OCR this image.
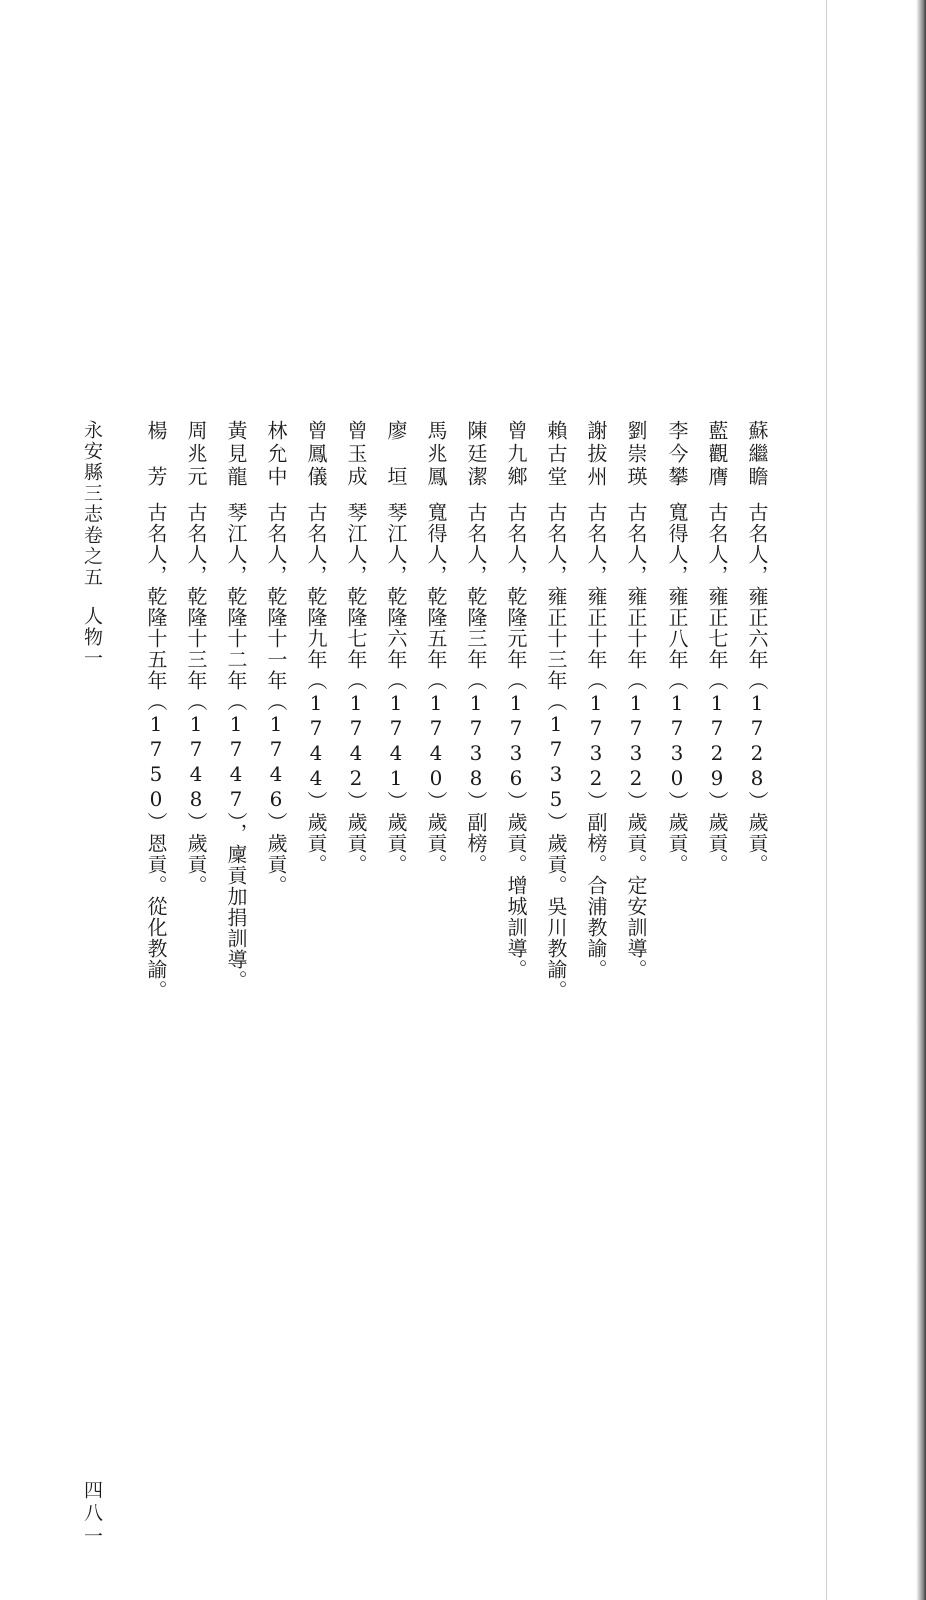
蘇繼瞻古名人，雍正六年（1728）歲貢。
藍觀膺古名人，雍正七年（1729）歲貢。
李今攀寬得人，雍正八年（1730）歲貢。
劉崇瑛古名人，雍正十年（1732）歲貢。定安訓導。
謝拔州古名人，雍正十年（1732）副榜。合浦教諭。
賴古堂古名人，雍正十三年（1735）歲貢。吳川教諭。
曾九鄉古名人，乾隆元年（1736）歲貢。增城訓導。
陳廷潔古名人，乾隆三年（1738）副榜。
馬兆鳳寬得人，乾隆五年（1740）歲貢。
廖　垣琴江人，乾隆六年（1741）歲貢。
曾玉成琴江人，乾隆七年（1742）歲貢。
曾鳳儀古名人，乾隆九年（1744）歲貢。
林允中古名人，乾隆十一年（1746）歲貢。
黃見龍琴江人，乾隆十二年（1747），廩貢加捐訓導。
周兆元古名人，乾隆十三年（1748）歲貢。
楊　芳古名人，乾隆十五年（1750）恩貢。從化教諭。
永安縣三志卷之五人物一
四八一
